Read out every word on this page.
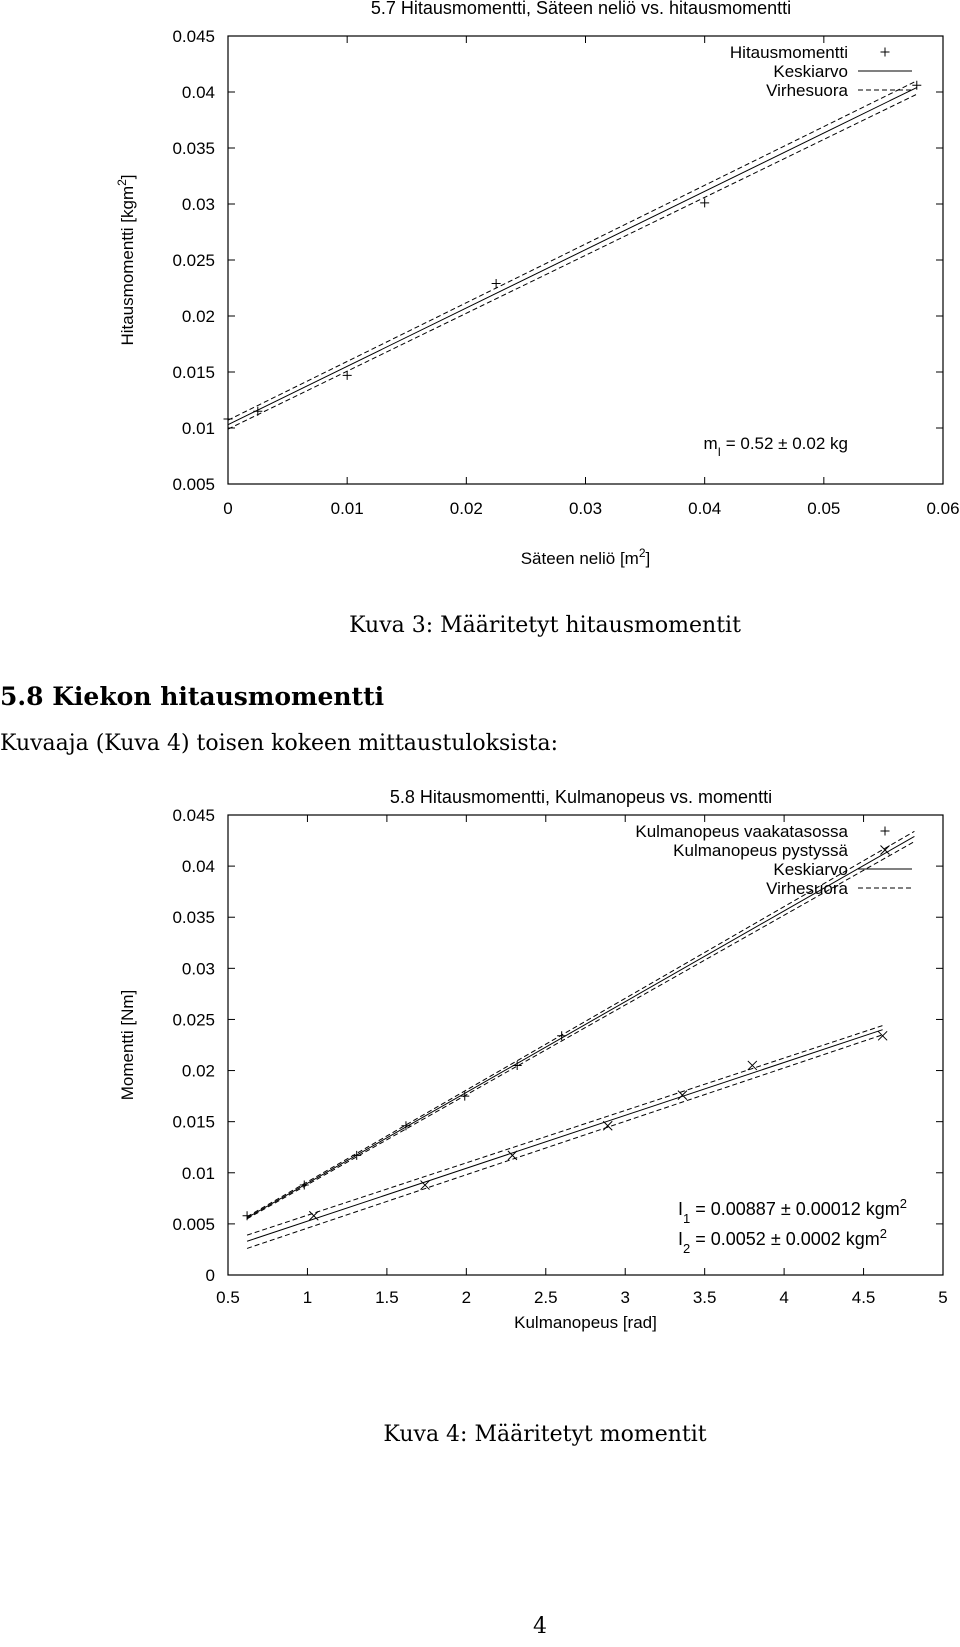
0	0.01	0.02	0.03	0.04	0.05	0.06
0.005
0.01
0.015
0.02
0.025
0.03
0.035
0.04
0.045
5.7 Hitausmomentti, Säteen neliö vs. hitausmomentti
Säteen neliö $[m^2]$
Hitausmomentti [kgm$^2$]
Hitausmomentti
Keskiarvo
Virhesuora
$m_I = 0.52 \pm 0.02$ kg
Kuva 3: Määritetyt hitausmomentit
5.8 Kiekon hitausmomentti

Kuvaaja (Kuva 4) toisen kokeen mittaustuloksista:

0.5	1	1.5	2	2.5	3	3.5	4	4.5	5
0
0.005
0.01
0.015
0.02
0.025
0.03
0.035
0.04
0.045
5.8 Hitausmomentti, Kulmanopeus vs. momentti
Kulmanopeus [rad]
Momentti [Nm]
Kulmanopeus vaakatasossa
Kulmanopeus pystyssä
Keskiarvo
Virhesuora
$I_1 = 0.00887 \pm 0.00012$ kgm$^2$
$I_2 = 0.0052 \pm 0.0002$ kgm$^2$
Kuva 4: Määritetyt momentit
4
